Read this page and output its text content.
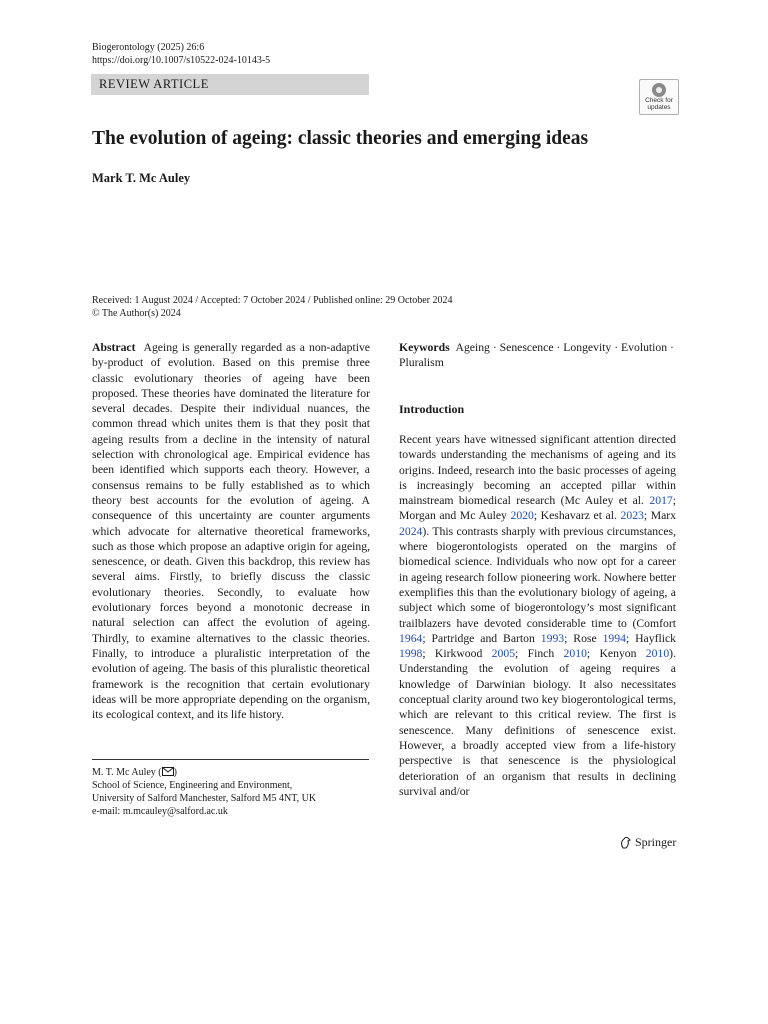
Biogerontology (2025) 26:6
https://doi.org/10.1007/s10522-024-10143-5
REVIEW ARTICLE
Check for
updates
The evolution of ageing: classic theories and emerging ideas
Mark T. Mc Auley
Received: 1 August 2024 / Accepted: 7 October 2024 / Published online: 29 October 2024
© The Author(s) 2024

Abstract Ageing is generally regarded as a non-adaptive by-product of evolution. Based on this premise three classic evolutionary theories of ageing have been proposed. These theories have dominated the literature for several decades. Despite their individual nuances, the common thread which unites them is that they posit that ageing results from a decline in the intensity of natural selection with chronological age. Empirical evidence has been identified which supports each theory. However, a consensus remains to be fully established as to which theory best accounts for the evolution of ageing. A consequence of this uncertainty are counter arguments which advocate for alternative theoretical frameworks, such as those which propose an adaptive origin for ageing, senescence, or death. Given this backdrop, this review has several aims. Firstly, to briefly discuss the classic evolutionary theories. Secondly, to evaluate how evolutionary forces beyond a monotonic decrease in natural selection can affect the evolution of ageing. Thirdly, to examine alternatives to the classic theories. Finally, to introduce a pluralistic interpretation of the evolution of ageing. The basis of this pluralistic theoretical framework is the recognition that certain evolutionary ideas will be more appropriate depending on the organism, its ecological context, and its life history.

Keywords Ageing · Senescence · Longevity · Evolution · Pluralism

Introduction

Recent years have witnessed significant attention directed towards understanding the mechanisms of ageing and its origins. Indeed, research into the basic processes of ageing is increasingly becoming an accepted pillar within mainstream biomedical research (Mc Auley et al. 2017; Morgan and Mc Auley 2020; Keshavarz et al. 2023; Marx 2024). This contrasts sharply with previous circumstances, where biogerontologists operated on the margins of biomedical science. Individuals who now opt for a career in ageing research follow pioneering work. Nowhere better exemplifies this than the evolutionary biology of ageing, a subject which some of biogerontology’s most significant trailblazers have devoted considerable time to (Comfort 1964; Partridge and Barton 1993; Rose 1994; Hayflick 1998; Kirkwood 2005; Finch 2010; Kenyon 2010). Understanding the evolution of ageing requires a knowledge of Darwinian biology. It also necessitates conceptual clarity around two key biogerontological terms, which are relevant to this critical review. The first is senescence. Many definitions of senescence exist. However, a broadly accepted view from a life-history perspective is that senescence is the physiological deterioration of an organism that results in declining survival and/or

M. T. Mc Auley ( )
School of Science, Engineering and Environment,
University of Salford Manchester, Salford M5 4NT, UK
e-mail: m.mcauley@salford.ac.uk
Springer
